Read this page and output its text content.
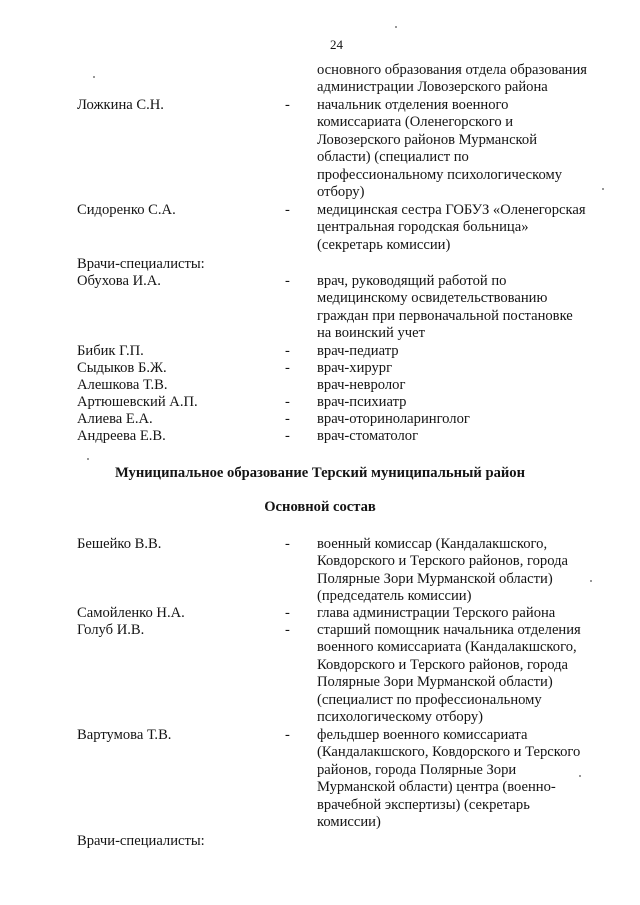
24
основного образования отдела образования
администрации Ловозерского района
Ложкина С.Н.	- начальник отделения военного
комиссариата (Оленегорского и
Ловозерского районов Мурманской
области) (специалист по
профессиональному психологическому
отбору)
Сидоренко С.А.	- медицинская сестра ГОБУЗ «Оленегорская
центральная городская больница»
(секретарь комиссии)
Врачи-специалисты:
Обухова И.А.	- врач, руководящий работой по
медицинскому освидетельствованию
граждан при первоначальной постановке
на воинский учет
Бибик Г.П.	- врач-педиатр
Сыдыков Б.Ж.	- врач-хирург
Алешкова Т.В.	врач-невролог
Артюшевский А.П.	- врач-психиатр
Алиева Е.А.	- врач-оториноларинголог
Андреева Е.В.	- врач-стоматолог
Муниципальное образование Терский муниципальный район
Основной состав
Бешейко В.В.	- военный комиссар (Кандалакшского,
Ковдорского и Терского районов, города
Полярные Зори Мурманской области)
(председатель комиссии)
Самойленко Н.А.	- глава администрации Терского района
Голуб И.В.	- старший помощник начальника отделения
военного комиссариата (Кандалакшского,
Ковдорского и Терского районов, города
Полярные Зори Мурманской области)
(специалист по профессиональному
психологическому отбору)
Вартумова Т.В.	- фельдшер военного комиссариата
(Кандалакшского, Ковдорского и Терского
районов, города Полярные Зори
Мурманской области) центра (военно-
врачебной экспертизы) (секретарь
комиссии)
Врачи-специалисты:
